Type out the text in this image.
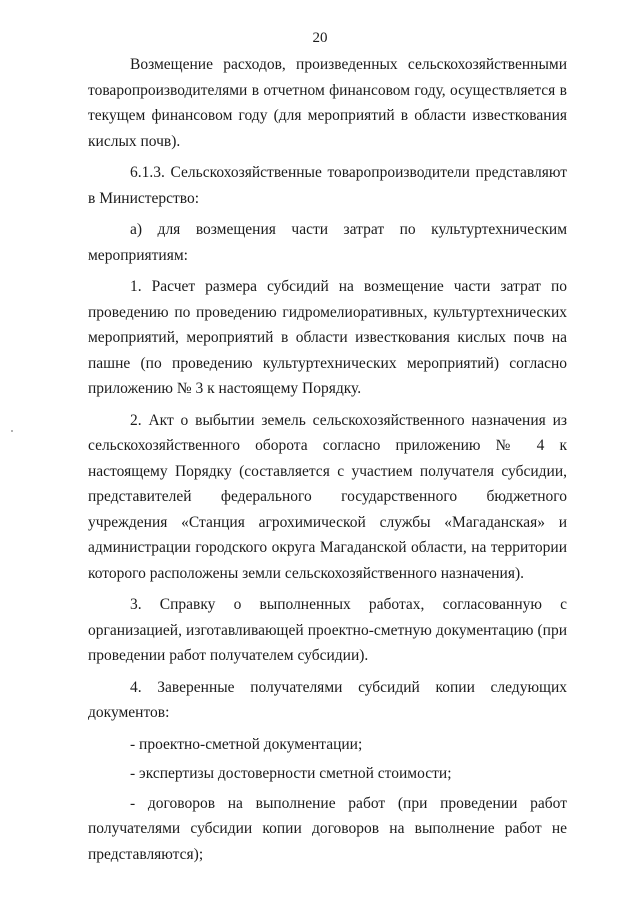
20

Возмещение расходов, произведенных сельскохозяйственными товаропроизводителями в отчетном финансовом году, осуществляется в текущем финансовом году (для мероприятий в области известкования кислых почв).

6.1.3. Сельскохозяйственные товаропроизводители представляют в Министерство:

а) для возмещения части затрат по культуртехническим мероприятиям:

1. Расчет размера субсидий на возмещение части затрат по проведению по проведению гидромелиоративных, культуртехнических мероприятий, мероприятий в области известкования кислых почв на пашне (по проведению культуртехнических мероприятий) согласно приложению № 3 к настоящему Порядку.

2. Акт о выбытии земель сельскохозяйственного назначения из сельскохозяйственного оборота согласно приложению № 4 к настоящему Порядку (составляется с участием получателя субсидии, представителей федерального государственного бюджетного учреждения «Станция агрохимической службы «Магаданская» и администрации городского округа Магаданской области, на территории которого расположены земли сельскохозяйственного назначения).

3. Справку о выполненных работах, согласованную с организацией, изготавливающей проектно-сметную документацию (при проведении работ получателем субсидии).

4. Заверенные получателями субсидий копии следующих документов:

- проектно-сметной документации;

- экспертизы достоверности сметной стоимости;

- договоров на выполнение работ (при проведении работ получателями субсидии копии договоров на выполнение работ не представляются);
